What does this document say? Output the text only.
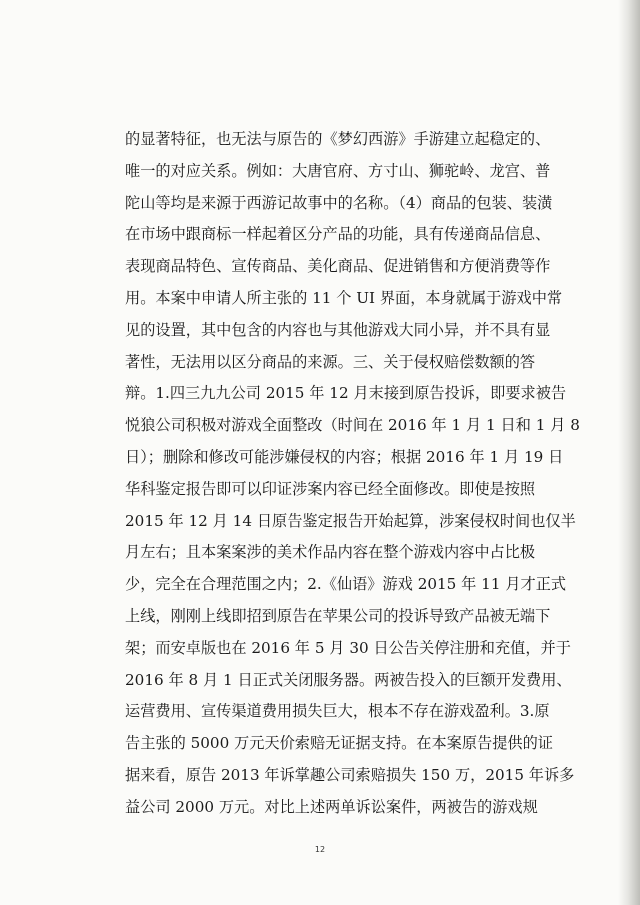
的显著特征，也无法与原告的《梦幻西游》手游建立起稳定的、
唯一的对应关系。例如：大唐官府、方寸山、狮驼岭、龙宫、普
陀山等均是来源于西游记故事中的名称。（4）商品的包装、装潢
在市场中跟商标一样起着区分产品的功能，具有传递商品信息、
表现商品特色、宣传商品、美化商品、促进销售和方便消费等作
用。本案中申请人所主张的 11 个 UI 界面，本身就属于游戏中常
见的设置，其中包含的内容也与其他游戏大同小异，并不具有显
著性，无法用以区分商品的来源。三、关于侵权赔偿数额的答
辩。1.四三九九公司 2015 年 12 月末接到原告投诉，即要求被告
悦狼公司积极对游戏全面整改（时间在 2016 年 1 月 1 日和 1 月 8
日）；删除和修改可能涉嫌侵权的内容；根据 2016 年 1 月 19 日
华科鉴定报告即可以印证涉案内容已经全面修改。即使是按照
2015 年 12 月 14 日原告鉴定报告开始起算，涉案侵权时间也仅半
月左右；且本案案涉的美术作品内容在整个游戏内容中占比极
少，完全在合理范围之内；2.《仙语》游戏 2015 年 11 月才正式
上线，刚刚上线即招到原告在苹果公司的投诉导致产品被无端下
架；而安卓版也在 2016 年 5 月 30 日公告关停注册和充值，并于
2016 年 8 月 1 日正式关闭服务器。两被告投入的巨额开发费用、
运营费用、宣传渠道费用损失巨大，根本不存在游戏盈利。3.原
告主张的 5000 万元天价索赔无证据支持。在本案原告提供的证
据来看，原告 2013 年诉掌趣公司索赔损失 150 万，2015 年诉多
益公司 2000 万元。对比上述两单诉讼案件，两被告的游戏规
12
